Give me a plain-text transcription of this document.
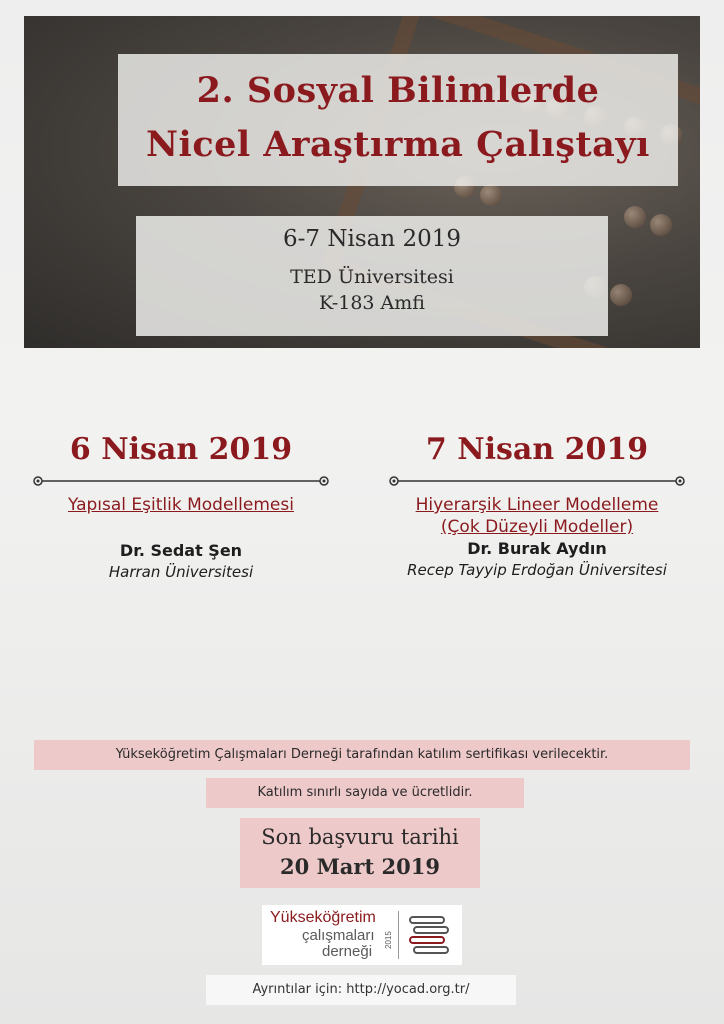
2. Sosyal Bilimlerde
Nicel Araştırma Çalıştayı
6-7 Nisan 2019
TED Üniversitesi
K-183 Amfi
6 Nisan 2019
Yapısal Eşitlik Modellemesi
Dr. Sedat Şen
Harran Üniversitesi
7 Nisan 2019
Hiyerarşik Lineer Modelleme
(Çok Düzeyli Modeller)
Dr. Burak Aydın
Recep Tayyip Erdoğan Üniversitesi
Yükseköğretim Çalışmaları Derneği tarafından katılım sertifikası verilecektir.
Katılım sınırlı sayıda ve ücretlidir.
Son başvuru tarihi
20 Mart 2019
Yükseköğretim
çalışmaları
derneği
2015
Ayrıntılar için: http://yocad.org.tr/
